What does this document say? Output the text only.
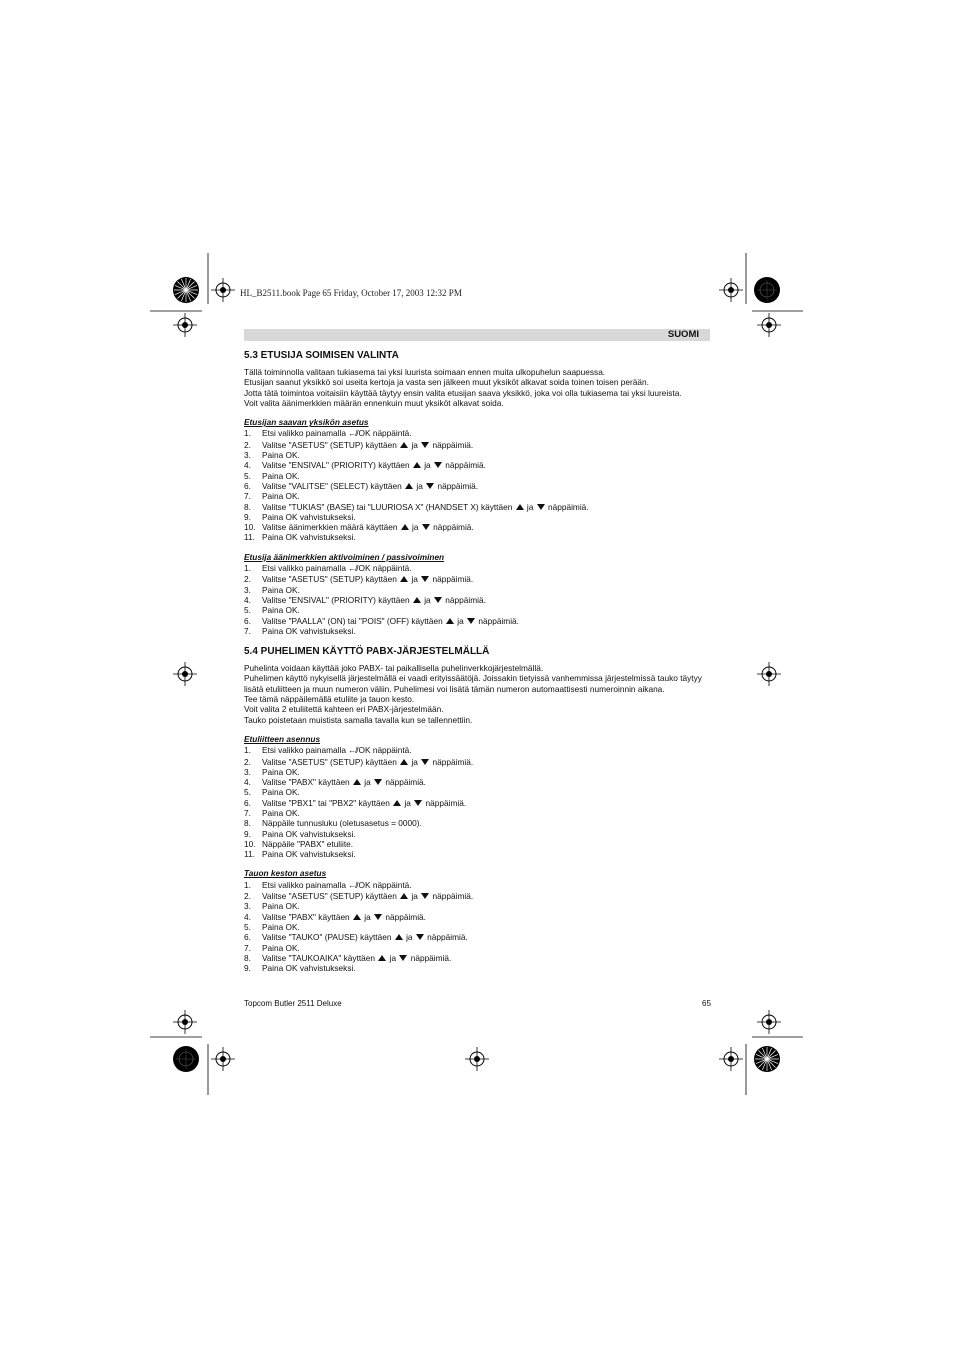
HL_B2511.book Page 65 Friday, October 17, 2003 12:32 PM
SUOMI
5.3 ETUSIJA SOIMISEN VALINTA

Tällä toiminnolla valitaan tukiasema tai yksi luurista soimaan ennen muita ulkopuhelun saapuessa.

Etusijan saanut yksikkö soi useita kertoja ja vasta sen jälkeen muut yksiköt alkavat soida toinen toisen perään.

Jotta tätä toimintoa voitaisiin käyttää täytyy ensin valita etusijan saava yksikkö, joka voi olla tukiasema tai yksi luureista.

Voit valita äänimerkkien määrän ennenkuin muut yksiköt alkavat soida.

Etusijan saavan yksikön asetus
1. Etsi valikko painamalla ↚/OK näppäintä.
2. Valitse "ASETUS" (SETUP) käyttäen  ja  näppäimiä.
3. Paina OK.
4. Valitse "ENSIVAL" (PRIORITY) käyttäen  ja  näppäimiä.
5. Paina OK.
6. Valitse "VALITSE" (SELECT) käyttäen  ja  näppäimiä.
7. Paina OK.
8. Valitse "TUKIAS" (BASE) tai "LUURIOSA X" (HANDSET X) käyttäen  ja  näppäimiä.
9. Paina OK vahvistukseksi.
10. Valitse äänimerkkien määrä käyttäen  ja  näppäimiä.
11. Paina OK vahvistukseksi.
Etusija äänimerkkien aktivoiminen / passivoiminen
1. Etsi valikko painamalla ↚/OK näppäintä.
2. Valitse "ASETUS" (SETUP) käyttäen  ja  näppäimiä.
3. Paina OK.
4. Valitse "ENSIVAL" (PRIORITY) käyttäen  ja  näppäimiä.
5. Paina OK.
6. Valitse "PAALLA" (ON) tai "POIS" (OFF) käyttäen  ja  näppäimiä.
7. Paina OK vahvistukseksi.
5.4 PUHELIMEN KÄYTTÖ PABX-JÄRJESTELMÄLLÄ

Puhelinta voidaan käyttää joko PABX- tai paikallisella puhelinverkkojärjestelmällä.

Puhelimen käyttö nykyisellä järjestelmällä ei vaadi erityissäätöjä. Joissakin tietyissä vanhemmissa järjestelmissä tauko täytyy lisätä etuliitteen ja muun numeron väliin. Puhelimesi voi lisätä tämän numeron automaattisesti numeroinnin aikana.

Tee tämä näppäilemällä etuliite ja tauon kesto.

Voit valita 2 etuliitettä kahteen eri PABX-järjestelmään.

Tauko poistetaan muistista samalla tavalla kun se tallennettiin.

Etuliitteen asennus
1. Etsi valikko painamalla ↚/OK näppäintä.
2. Valitse "ASETUS" (SETUP) käyttäen  ja  näppäimiä.
3. Paina OK.
4. Valitse "PABX" käyttäen  ja  näppäimiä.
5. Paina OK.
6. Valitse "PBX1" tai "PBX2" käyttäen  ja  näppäimiä.
7. Paina OK.
8. Näppäile tunnusluku (oletusasetus = 0000).
9. Paina OK vahvistukseksi.
10. Näppäile "PABX" etuliite.
11. Paina OK vahvistukseksi.
Tauon keston asetus
1. Etsi valikko painamalla ↚/OK näppäintä.
2. Valitse "ASETUS" (SETUP) käyttäen  ja  näppäimiä.
3. Paina OK.
4. Valitse "PABX" käyttäen  ja  näppäimiä.
5. Paina OK.
6. Valitse "TAUKO" (PAUSE) käyttäen  ja  näppäimiä.
7. Paina OK.
8. Valitse "TAUKOAIKA" käyttäen  ja  näppäimiä.
9. Paina OK vahvistukseksi.
Topcom Butler 2511 Deluxe	65
